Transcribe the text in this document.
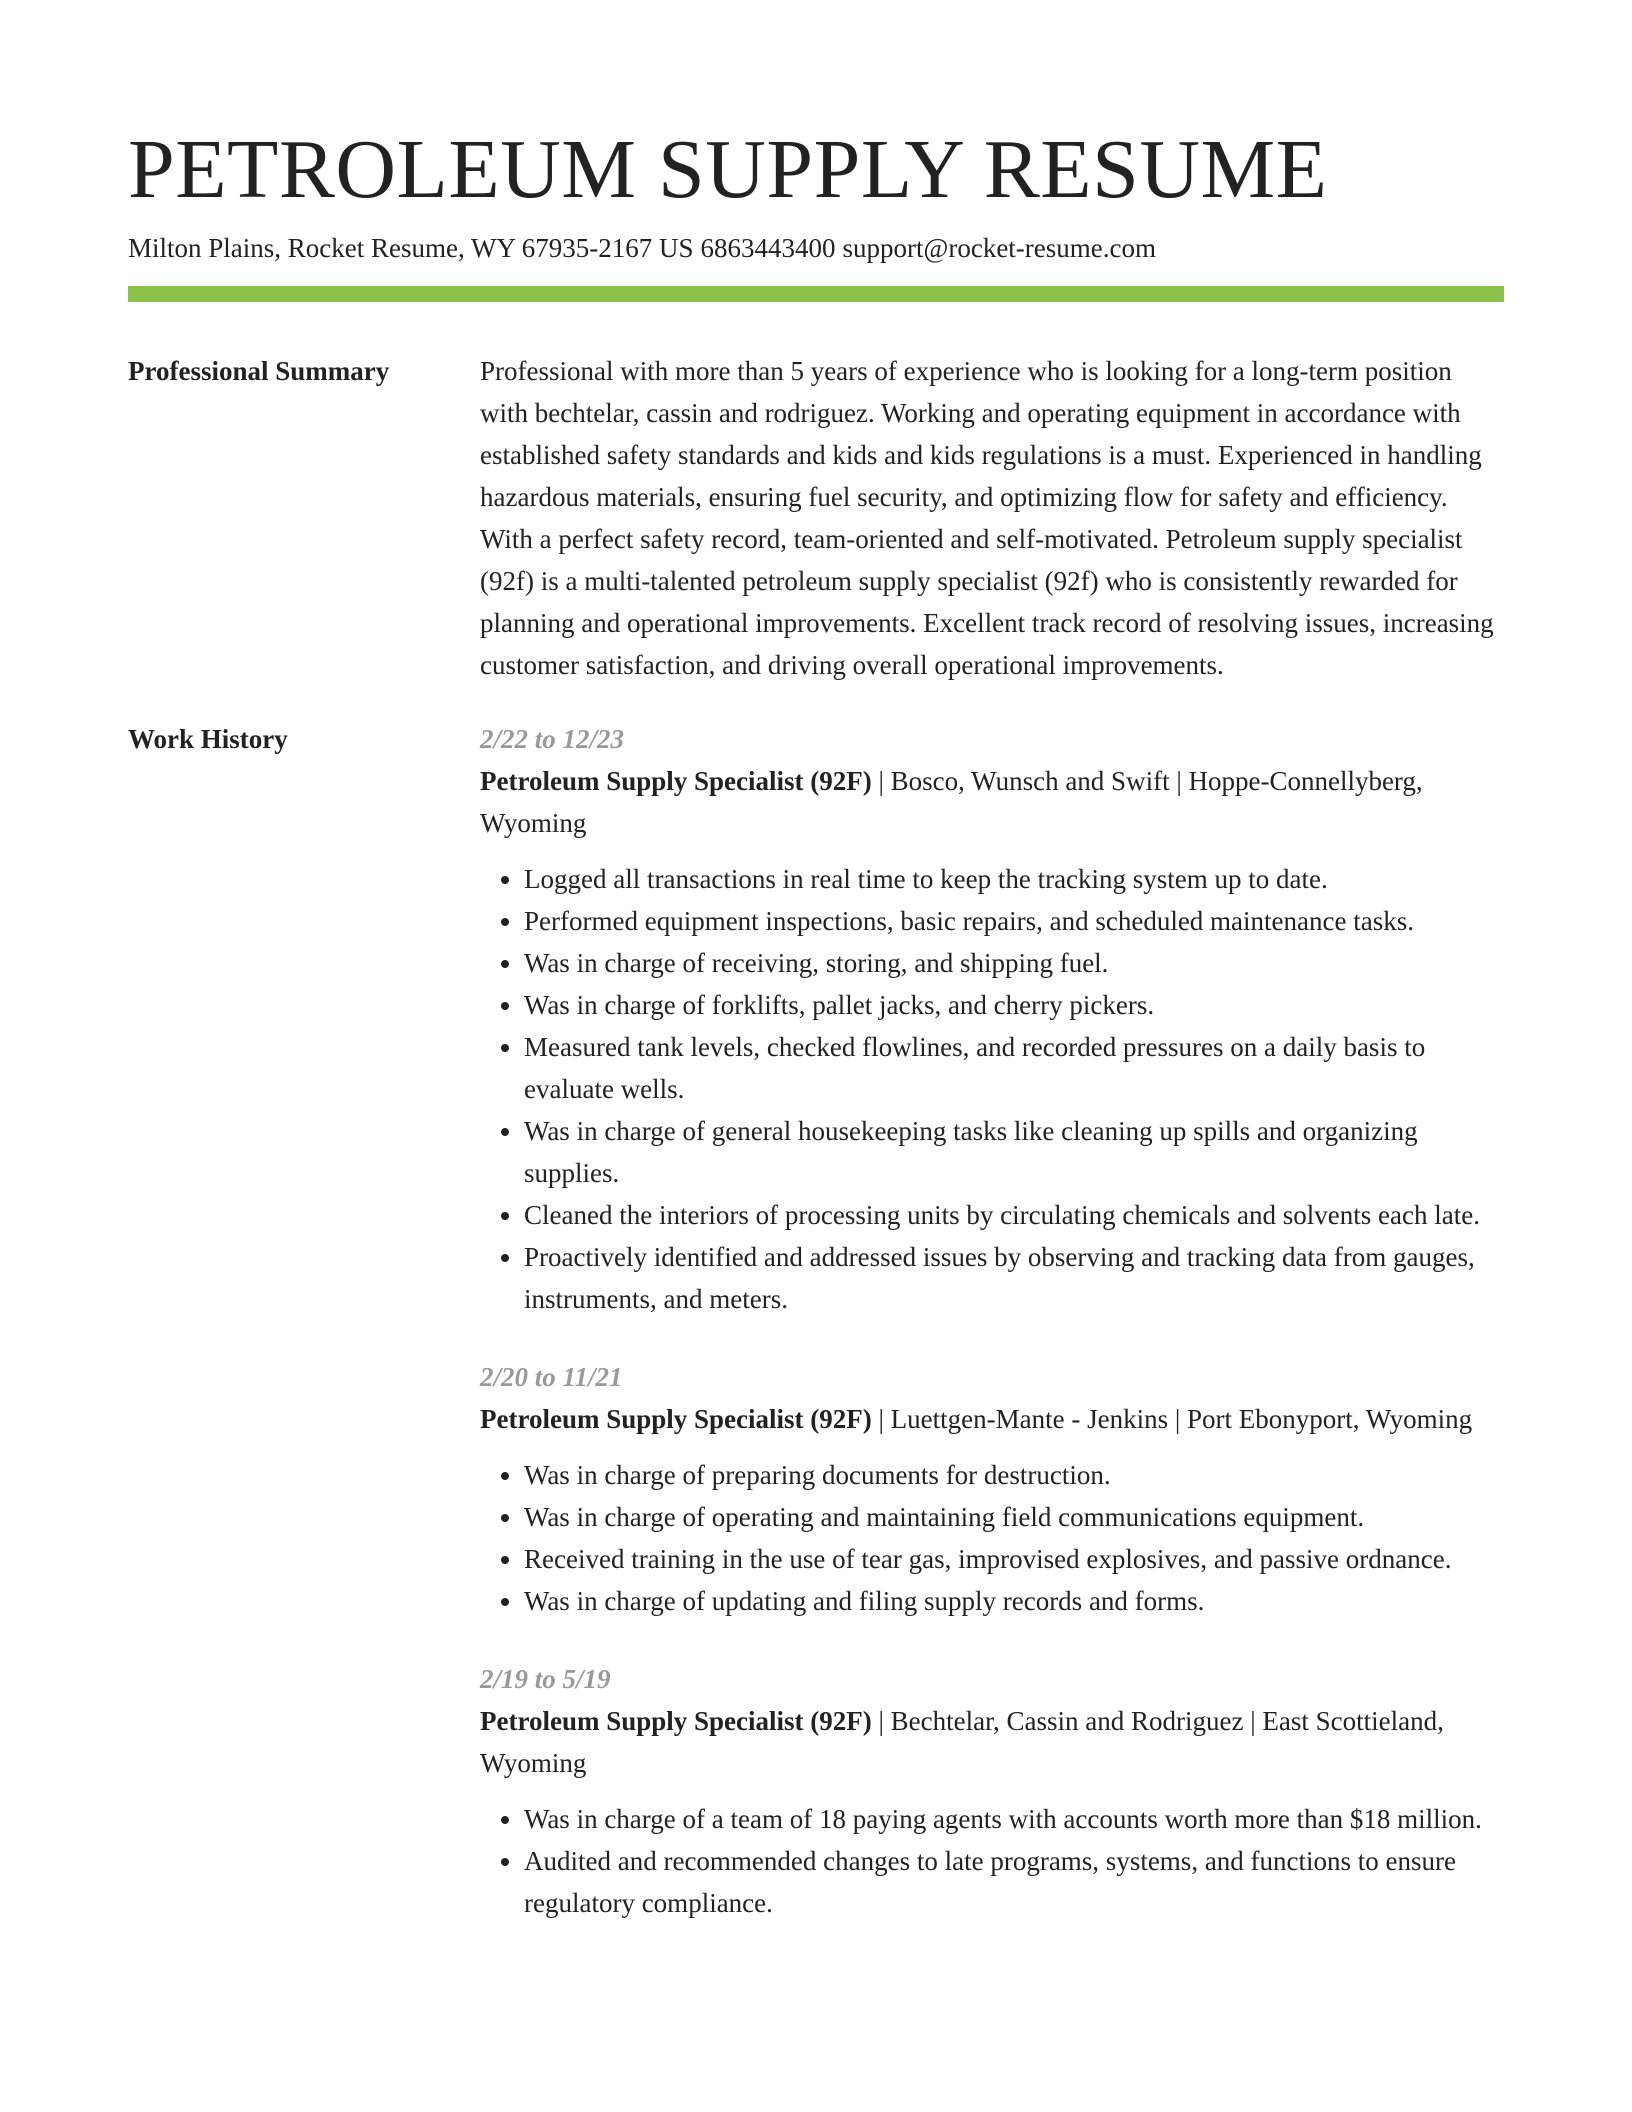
PETROLEUM SUPPLY RESUME
Milton Plains, Rocket Resume, WY 67935-2167 US 6863443400 support@rocket-resume.com
Professional Summary	Professional with more than 5 years of experience who is looking for a long-term position with bechtelar, cassin and rodriguez. Working and operating equipment in accordance with established safety standards and kids and kids regulations is a must. Experienced in handling hazardous materials, ensuring fuel security, and optimizing flow for safety and efficiency. With a perfect safety record, team-oriented and self-motivated. Petroleum supply specialist (92f) is a multi-talented petroleum supply specialist (92f) who is consistently rewarded for planning and operational improvements. Excellent track record of resolving issues, increasing customer satisfaction, and driving overall operational improvements.

Work History	2/22 to 12/23

Petroleum Supply Specialist (92F) | Bosco, Wunsch and Swift | Hoppe-Connellyberg, Wyoming

• Logged all transactions in real time to keep the tracking system up to date.
• Performed equipment inspections, basic repairs, and scheduled maintenance tasks.
• Was in charge of receiving, storing, and shipping fuel.
• Was in charge of forklifts, pallet jacks, and cherry pickers.
• Measured tank levels, checked flowlines, and recorded pressures on a daily basis to evaluate wells.
• Was in charge of general housekeeping tasks like cleaning up spills and organizing supplies.
• Cleaned the interiors of processing units by circulating chemicals and solvents each late.
• Proactively identified and addressed issues by observing and tracking data from gauges, instruments, and meters.
2/20 to 11/21

Petroleum Supply Specialist (92F) | Luettgen-Mante - Jenkins | Port Ebonyport, Wyoming

• Was in charge of preparing documents for destruction.
• Was in charge of operating and maintaining field communications equipment.
• Received training in the use of tear gas, improvised explosives, and passive ordnance.
• Was in charge of updating and filing supply records and forms.
2/19 to 5/19

Petroleum Supply Specialist (92F) | Bechtelar, Cassin and Rodriguez | East Scottieland, Wyoming

• Was in charge of a team of 18 paying agents with accounts worth more than $18 million.
• Audited and recommended changes to late programs, systems, and functions to ensure regulatory compliance.
